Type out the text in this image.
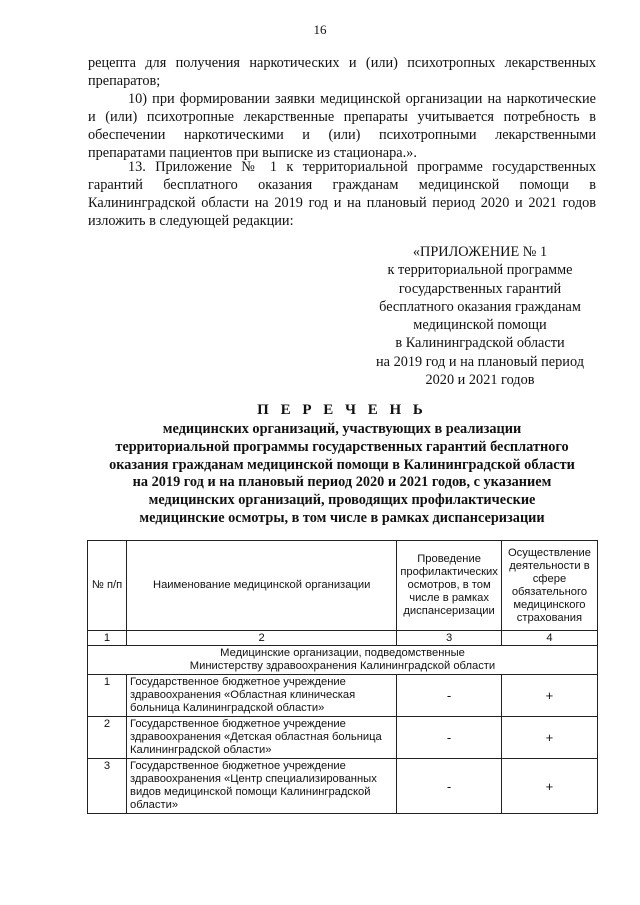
16
рецепта для получения наркотических и (или) психотропных лекарственных препаратов;
10) при формировании заявки медицинской организации на наркотические и (или) психотропные лекарственные препараты учитывается потребность в обеспечении наркотическими и (или) психотропными лекарственными препаратами пациентов при выписке из стационара.».
13. Приложение № 1 к территориальной программе государственных гарантий бесплатного оказания гражданам медицинской помощи в Калининградской области на 2019 год и на плановый период 2020 и 2021 годов изложить в следующей редакции:
«ПРИЛОЖЕНИЕ № 1
к территориальной программе
государственных гарантий
бесплатного оказания гражданам
медицинской помощи
в Калининградской области
на 2019 год и на плановый период
2020 и 2021 годов
П Е Р Е Ч Е Н Ь
медицинских организаций, участвующих в реализации
территориальной программы государственных гарантий бесплатного
оказания гражданам медицинской помощи в Калининградской области
на 2019 год и на плановый период 2020 и 2021 годов, с указанием
медицинских организаций, проводящих профилактические
медицинские осмотры, в том числе в рамках диспансеризации
№ п/п	Наименование медицинской организации	Проведение профилактических осмотров, в том числе в рамках диспансеризации	Осуществление деятельности в сфере обязательного медицинского страхования
1	2	3	4

Медицинские организации, подведомственные
Министерству здравоохранения Калининградской области			

1	Государственное бюджетное учреждение здравоохранения «Областная клиническая больница Калининградской области»	-	+
2	Государственное бюджетное учреждение здравоохранения «Детская областная больница Калининградской области»	-	+
3	Государственное бюджетное учреждение здравоохранения «Центр специализированных видов медицинской помощи Калининградской области»	-	+
